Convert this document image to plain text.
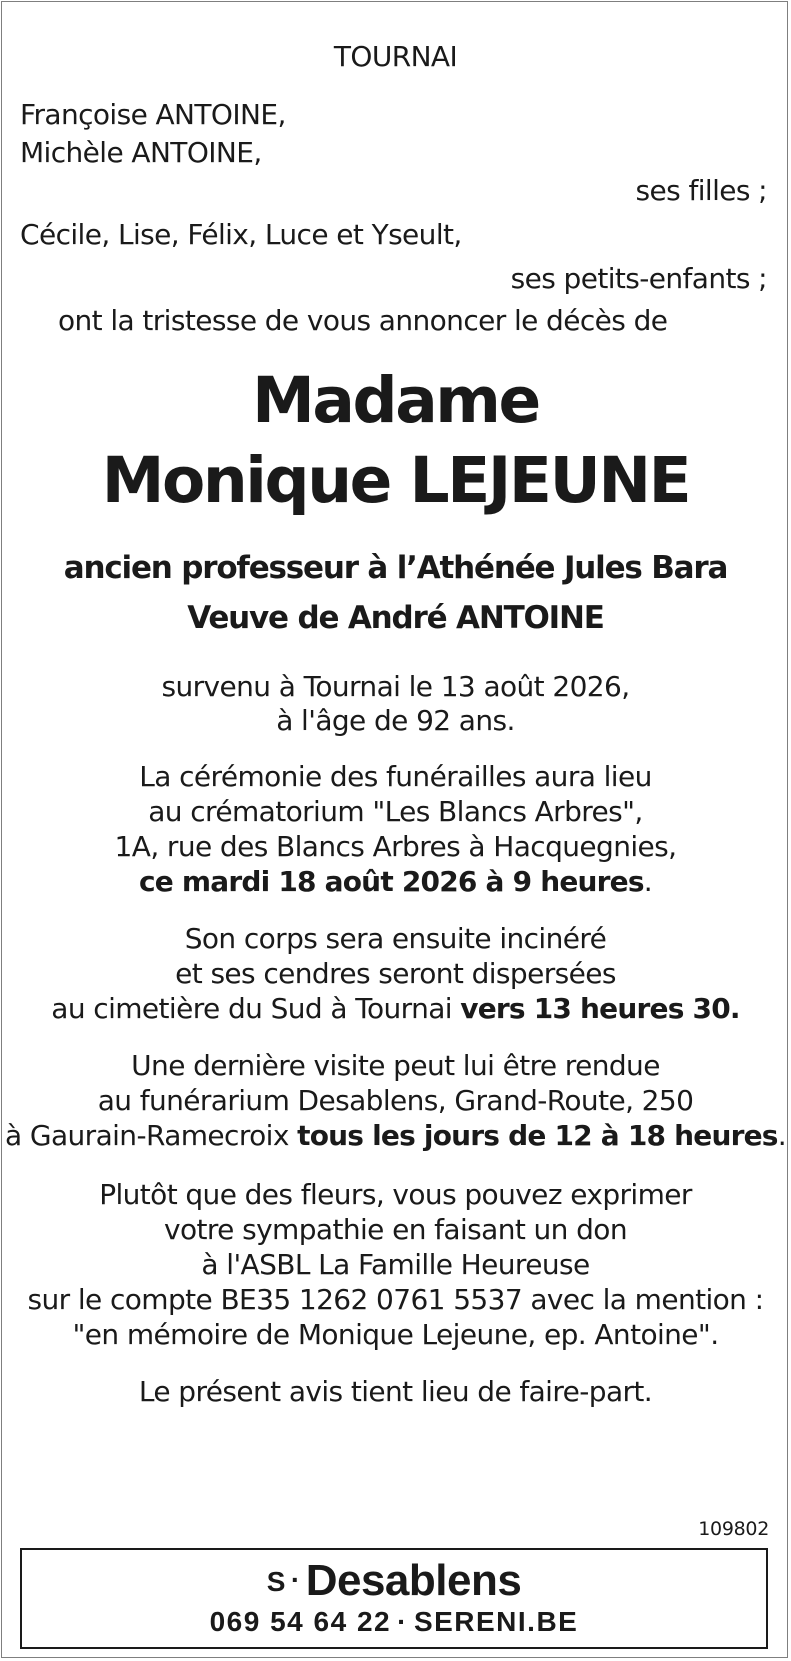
TOURNAI
Françoise ANTOINE,
Michèle ANTOINE,
ses filles ;
Cécile, Lise, Félix, Luce et Yseult,
ses petits-enfants ;
ont la tristesse de vous annoncer le décès de
Madame
Monique LEJEUNE
ancien professeur à l’Athénée Jules Bara
Veuve de André ANTOINE
survenu à Tournai le 13 août 2026,
à l'âge de 92 ans.
La cérémonie des funérailles aura lieu
au crématorium "Les Blancs Arbres",
1A, rue des Blancs Arbres à Hacquegnies,
ce mardi 18 août 2026 à 9 heures.
Son corps sera ensuite incinéré
et ses cendres seront dispersées
au cimetière du Sud à Tournai vers 13 heures 30.
Une dernière visite peut lui être rendue
au funérarium Desablens, Grand-Route, 250
à Gaurain-Ramecroix tous les jours de 12 à 18 heures.
Plutôt que des fleurs, vous pouvez exprimer
votre sympathie en faisant un don
à l'ASBL La Famille Heureuse
sur le compte BE35 1262 0761 5537 avec la mention :
"en mémoire de Monique Lejeune, ep. Antoine".
Le présent avis tient lieu de faire-part.
109802
S · Desablens
069 54 64 22 · SERENI.BE
